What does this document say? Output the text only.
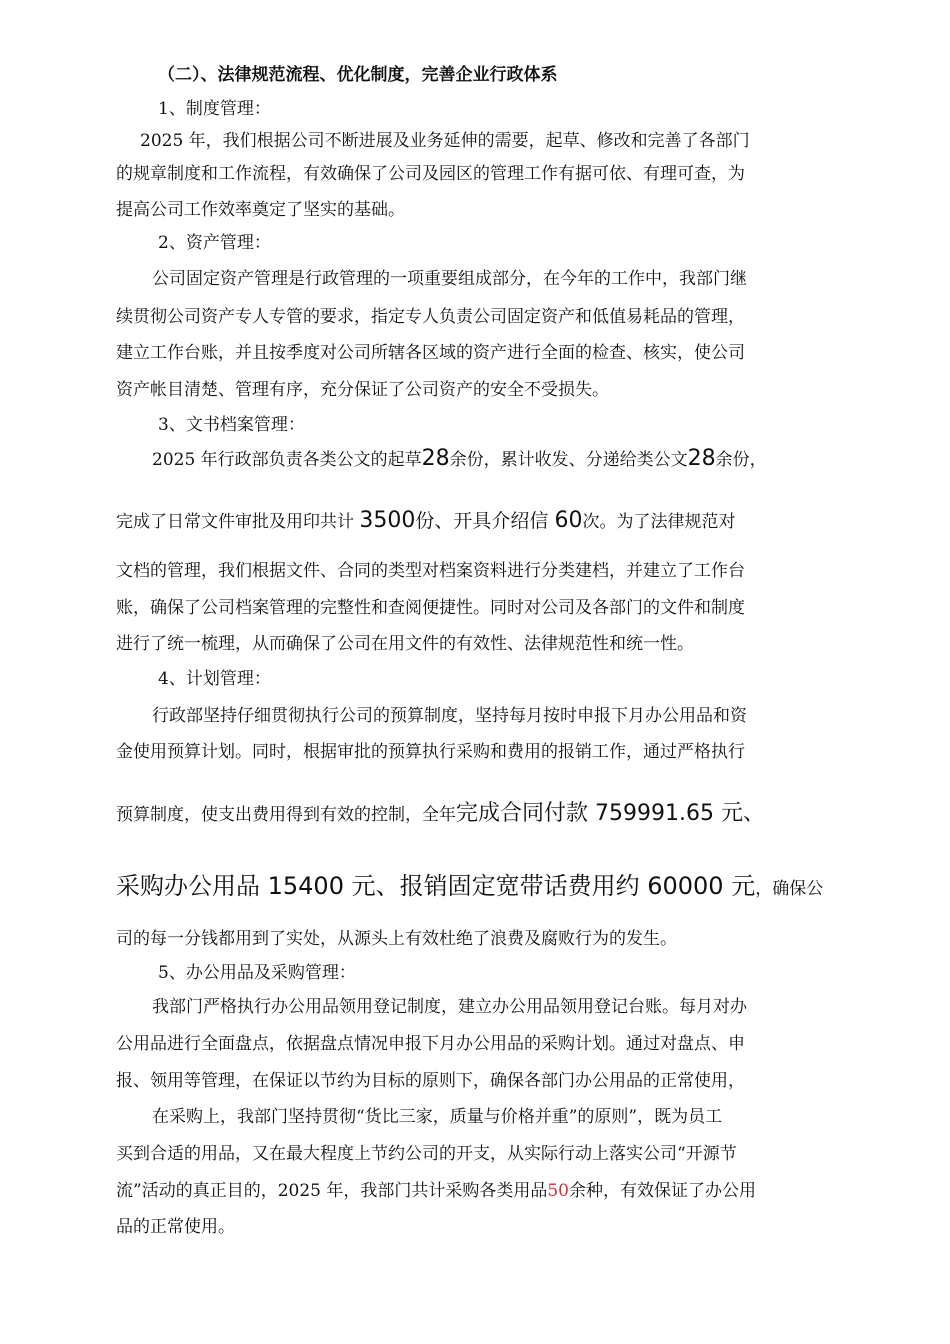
（二）、法律规范流程、优化制度，完善企业行政体系
1、制度管理：
2025 年，我们根据公司不断进展及业务延伸的需要，起草、修改和完善了各部门
的规章制度和工作流程，有效确保了公司及园区的管理工作有据可依、有理可查，为
提高公司工作效率奠定了坚实的基础。
2、资产管理：
公司固定资产管理是行政管理的一项重要组成部分，在今年的工作中，我部门继
续贯彻公司资产专人专管的要求，指定专人负责公司固定资产和低值易耗品的管理，
建立工作台账，并且按季度对公司所辖各区域的资产进行全面的检查、核实，使公司
资产帐目清楚、管理有序，充分保证了公司资产的安全不受损失。
3、文书档案管理：
2025 年行政部负责各类公文的起草28余份，累计收发、分递给类公文28余份，
完成了日常文件审批及用印共计 3500份、开具介绍信 60次。为了法律规范对
文档的管理，我们根据文件、合同的类型对档案资料进行分类建档，并建立了工作台
账，确保了公司档案管理的完整性和查阅便捷性。同时对公司及各部门的文件和制度
进行了统一梳理，从而确保了公司在用文件的有效性、法律规范性和统一性。
4、计划管理：
行政部坚持仔细贯彻执行公司的预算制度，坚持每月按时申报下月办公用品和资
金使用预算计划。同时，根据审批的预算执行采购和费用的报销工作，通过严格执行
预算制度，使支出费用得到有效的控制，全年完成合同付款 759991.65 元、
采购办公用品 15400 元、报销固定宽带话费用约 60000 元，确保公
司的每一分钱都用到了实处，从源头上有效杜绝了浪费及腐败行为的发生。
5、办公用品及采购管理：
我部门严格执行办公用品领用登记制度，建立办公用品领用登记台账。每月对办
公用品进行全面盘点，依据盘点情况申报下月办公用品的采购计划。通过对盘点、申
报、领用等管理，在保证以节约为目标的原则下，确保各部门办公用品的正常使用，
在采购上，我部门坚持贯彻“货比三家，质量与价格并重”的原则”，既为员工
买到合适的用品，又在最大程度上节约公司的开支，从实际行动上落实公司“开源节
流”活动的真正目的，2025 年，我部门共计采购各类用品50余种，有效保证了办公用
品的正常使用。
